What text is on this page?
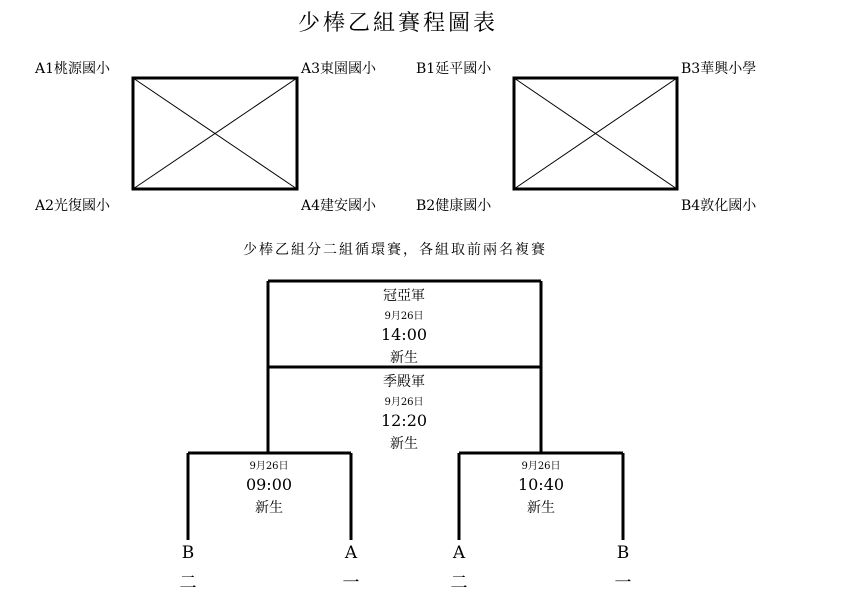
少棒乙組賽程圖表
A1桃源國小	A3東園國小
A2光復國小	A4建安國小
B1延平國小	B3華興小學
B2健康國小	B4敦化國小
少棒乙組分二組循環賽，各組取前兩名複賽
冠亞軍
9月26日
14:00
新生
季殿軍
9月26日
12:20
新生
9月26日
09:00
新生
9月26日
10:40
新生
B
二
A
一
A
二
B
一
